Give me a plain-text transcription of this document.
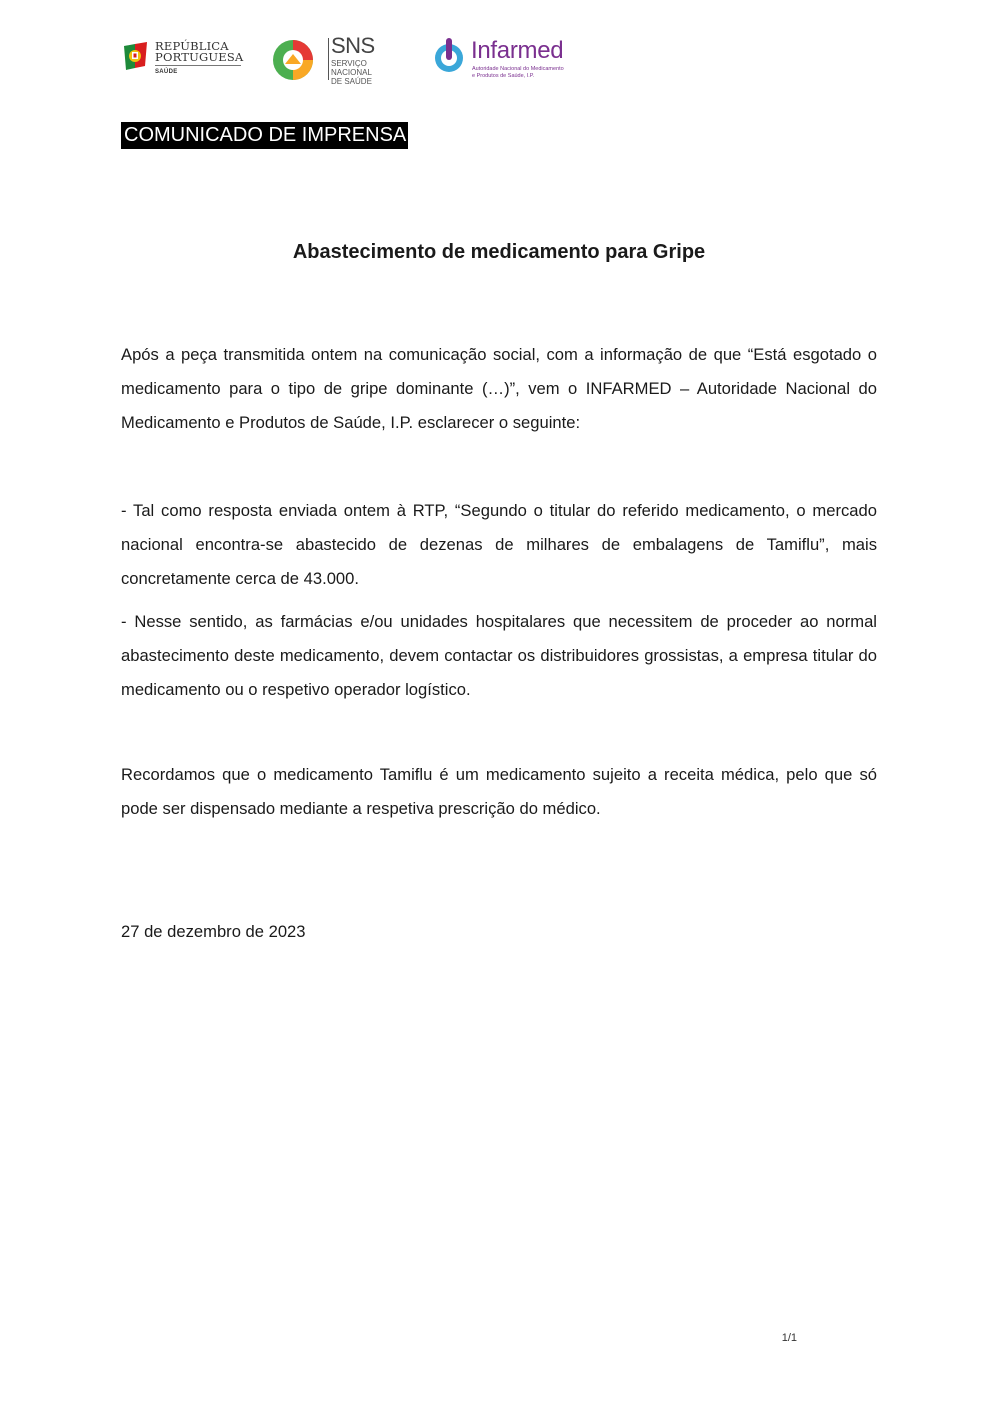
REPÚBLICA
PORTUGUESA
SAÚDE
SNS
SERVIÇO NACIONAL
DE SAÚDE
Infarmed
Autoridade Nacional do Medicamento
e Produtos de Saúde, I.P.
COMUNICADO DE IMPRENSA
Abastecimento de medicamento para Gripe

Após a peça transmitida ontem na comunicação social, com a informação de que “Está esgotado o medicamento para o tipo de gripe dominante (…)”, vem o INFARMED – Autoridade Nacional do Medicamento e Produtos de Saúde, I.P. esclarecer o seguinte:

- Tal como resposta enviada ontem à RTP, “Segundo o titular do referido medicamento, o mercado nacional encontra-se abastecido de dezenas de milhares de embalagens de Tamiflu”, mais concretamente cerca de 43.000.

- Nesse sentido, as farmácias e/ou unidades hospitalares que necessitem de proceder ao normal abastecimento deste medicamento, devem contactar os distribuidores grossistas, a empresa titular do medicamento ou o respetivo operador logístico.

Recordamos que o medicamento Tamiflu é um medicamento sujeito a receita médica, pelo que só pode ser dispensado mediante a respetiva prescrição do médico.

27 de dezembro de 2023

1/1
